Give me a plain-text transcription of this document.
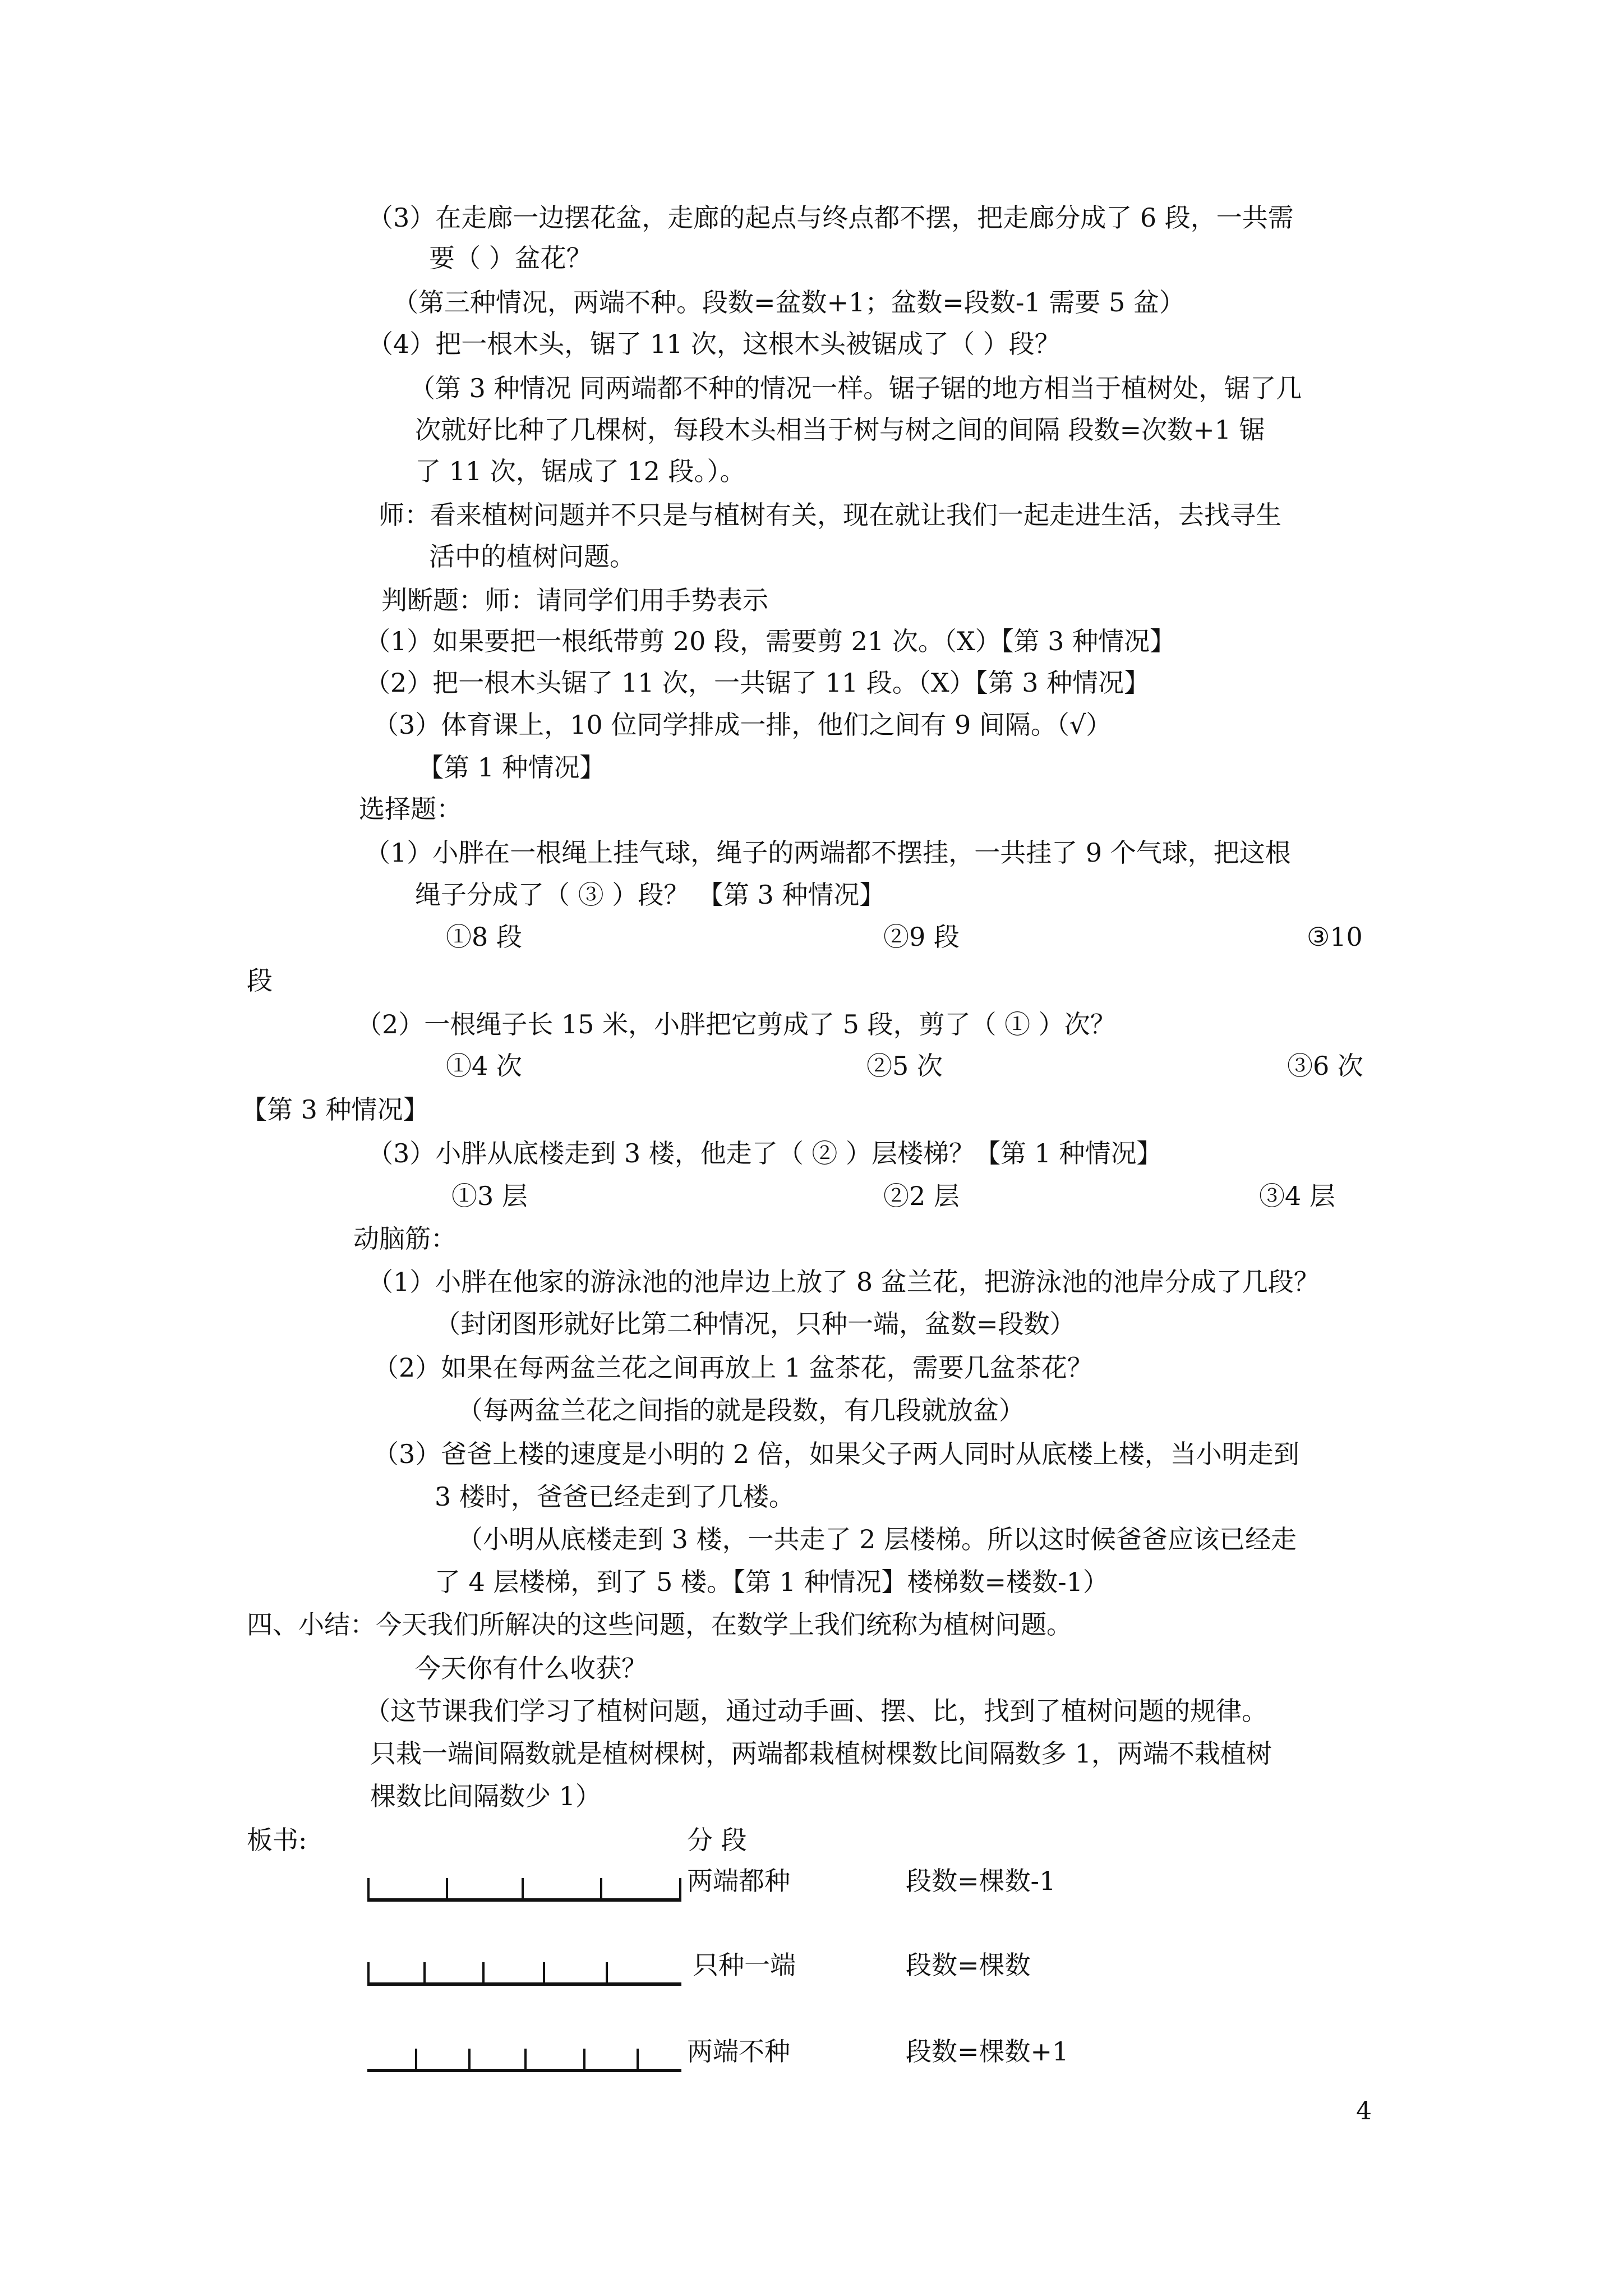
（3）在走廊一边摆花盆，走廊的起点与终点都不摆，把走廊分成了 6 段，一共需
要（ ）盆花？
（第三种情况，两端不种。段数=盆数+1；盆数=段数-1 需要 5 盆）
（4）把一根木头，锯了 11 次，这根木头被锯成了（ ）段？
（第 3 种情况 同两端都不种的情况一样。锯子锯的地方相当于植树处，锯了几
次就好比种了几棵树，每段木头相当于树与树之间的间隔 段数=次数+1 锯
了 11 次，锯成了 12 段。）。
师：看来植树问题并不只是与植树有关，现在就让我们一起走进生活，去找寻生
活中的植树问题。
判断题：师：请同学们用手势表示
（1）如果要把一根纸带剪 20 段，需要剪 21 次。（X）【第 3 种情况】
（2）把一根木头锯了 11 次，一共锯了 11 段。（X）【第 3 种情况】
（3）体育课上，10 位同学排成一排，他们之间有 9 间隔。（√）
【第 1 种情况】
选择题：
（1）小胖在一根绳上挂气球，绳子的两端都不摆挂，一共挂了 9 个气球，把这根
绳子分成了（ ③ ）段？ 【第 3 种情况】
①8 段	②9 段	③10
段
（2）一根绳子长 15 米，小胖把它剪成了 5 段，剪了（ ① ）次？
①4 次	②5 次	③6 次
【第 3 种情况】
（3）小胖从底楼走到 3 楼，他走了（ ② ）层楼梯？【第 1 种情况】
①3 层	②2 层	③4 层
动脑筋：
（1）小胖在他家的游泳池的池岸边上放了 8 盆兰花，把游泳池的池岸分成了几段？
（封闭图形就好比第二种情况，只种一端，盆数=段数）
（2）如果在每两盆兰花之间再放上 1 盆茶花，需要几盆茶花？
（每两盆兰花之间指的就是段数，有几段就放盆）
（3）爸爸上楼的速度是小明的 2 倍，如果父子两人同时从底楼上楼，当小明走到
3 楼时，爸爸已经走到了几楼。
（小明从底楼走到 3 楼，一共走了 2 层楼梯。所以这时候爸爸应该已经走
了 4 层楼梯，到了 5 楼。【第 1 种情况】楼梯数=楼数-1）
四、小结：今天我们所解决的这些问题，在数学上我们统称为植树问题。
今天你有什么收获？
（这节课我们学习了植树问题，通过动手画、摆、比，找到了植树问题的规律。
只栽一端间隔数就是植树棵树，两端都栽植树棵数比间隔数多 1，两端不栽植树
棵数比间隔数少 1）
板书:	分 段
两端都种	段数=棵数-1
只种一端	段数=棵数
两端不种	段数=棵数+1
4
